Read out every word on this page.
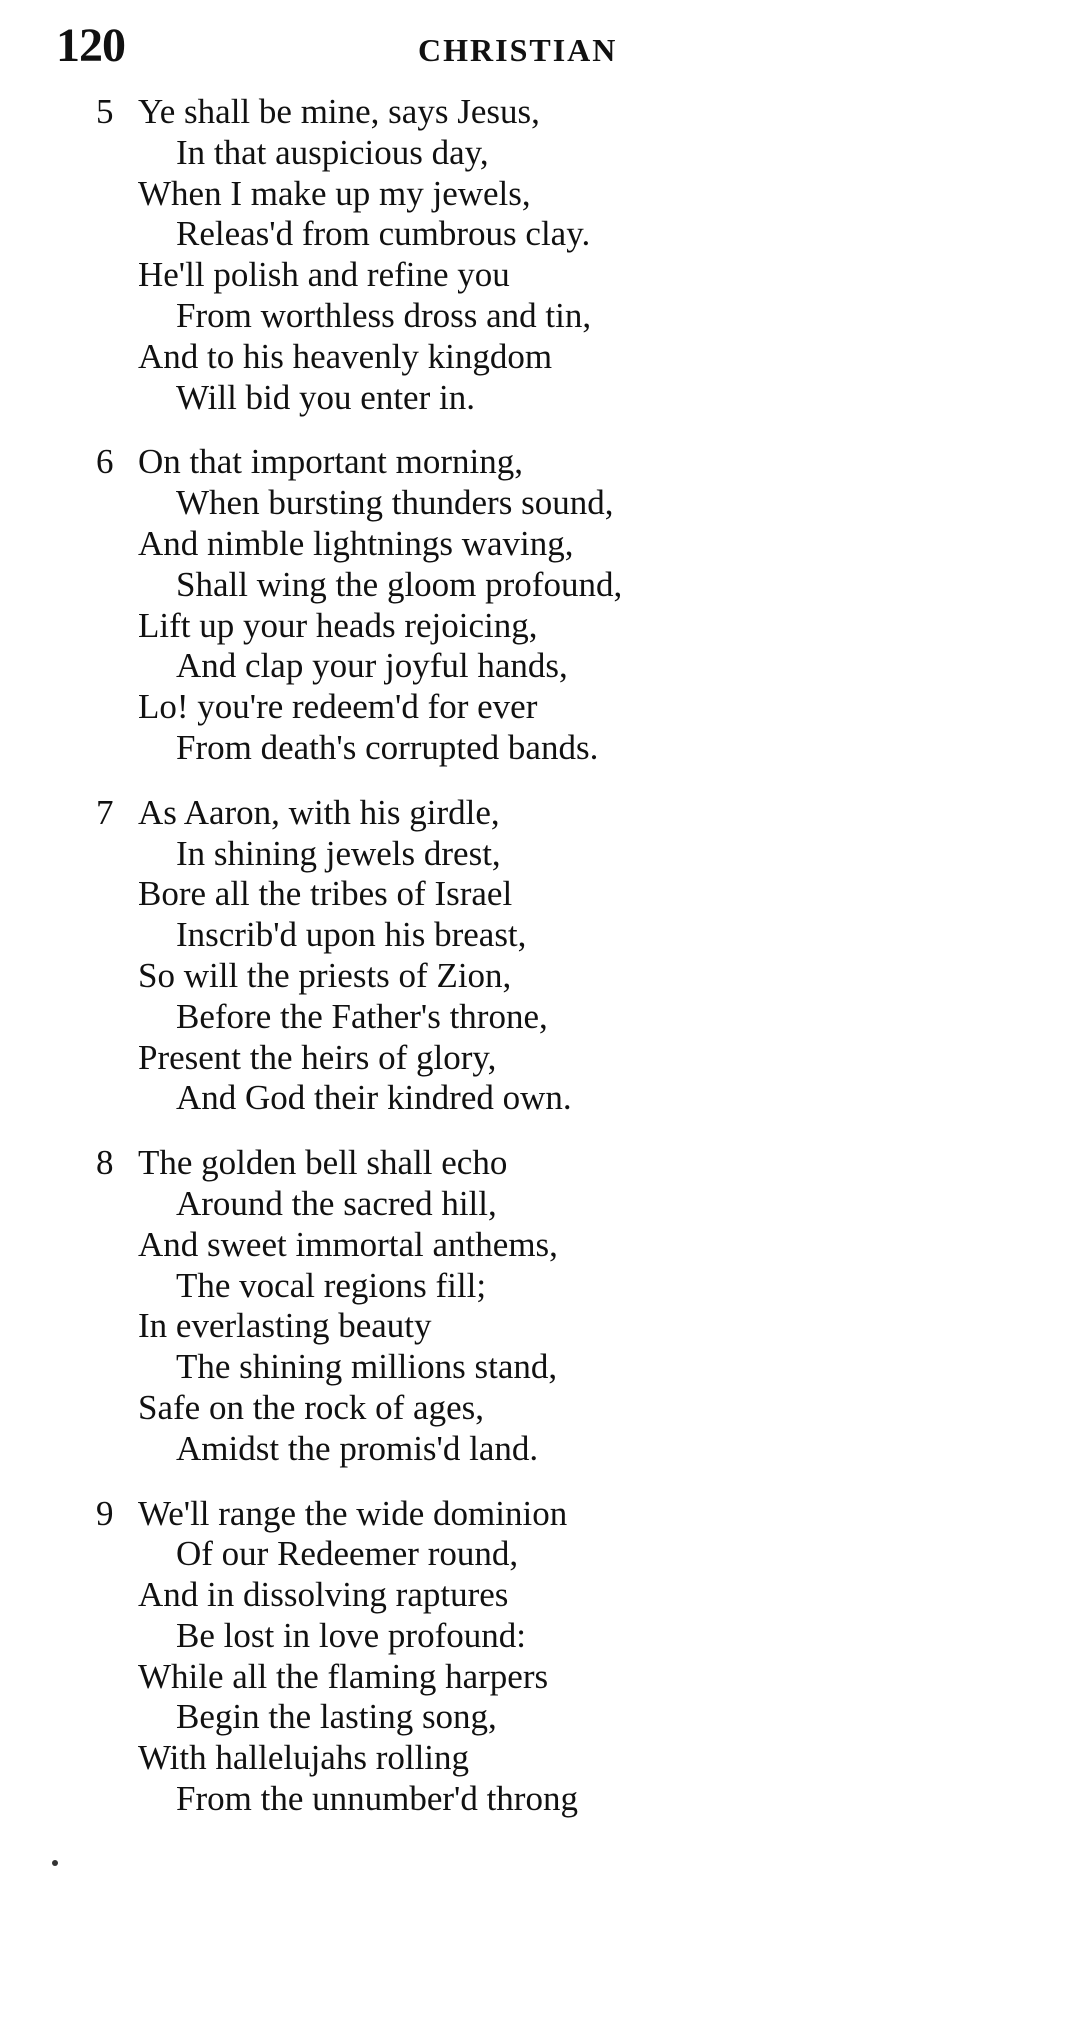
120	CHRISTIAN
5 Ye shall be mine, says Jesus,
In that auspicious day,
When I make up my jewels,
Releas'd from cumbrous clay.
He'll polish and refine you
From worthless dross and tin,
And to his heavenly kingdom
Will bid you enter in.
6 On that important morning,
When bursting thunders sound,
And nimble lightnings waving,
Shall wing the gloom profound,
Lift up your heads rejoicing,
And clap your joyful hands,
Lo! you're redeem'd for ever
From death's corrupted bands.
7 As Aaron, with his girdle,
In shining jewels drest,
Bore all the tribes of Israel
Inscrib'd upon his breast,
So will the priests of Zion,
Before the Father's throne,
Present the heirs of glory,
And God their kindred own.
8 The golden bell shall echo
Around the sacred hill,
And sweet immortal anthems,
The vocal regions fill;
In everlasting beauty
The shining millions stand,
Safe on the rock of ages,
Amidst the promis'd land.
9 We'll range the wide dominion
Of our Redeemer round,
And in dissolving raptures
Be lost in love profound:
While all the flaming harpers
Begin the lasting song,
With hallelujahs rolling
From the unnumber'd throng
